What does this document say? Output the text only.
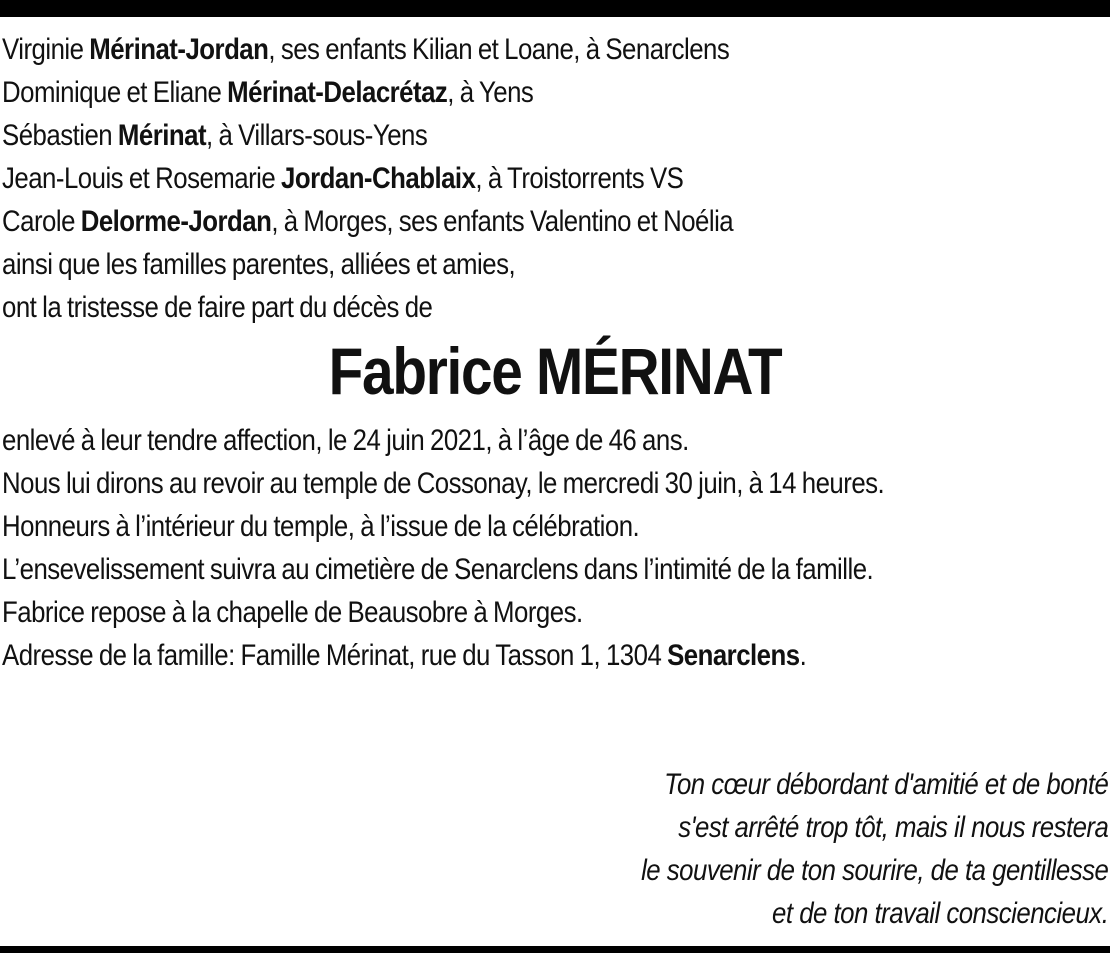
Virginie Mérinat-Jordan, ses enfants Kilian et Loane, à Senarclens
Dominique et Eliane Mérinat-Delacrétaz, à Yens
Sébastien Mérinat, à Villars-sous-Yens
Jean-Louis et Rosemarie Jordan-Chablaix, à Troistorrents VS
Carole Delorme-Jordan, à Morges, ses enfants Valentino et Noélia
ainsi que les familles parentes, alliées et amies,
ont la tristesse de faire part du décès de
Fabrice MÉRINAT
enlevé à leur tendre affection, le 24 juin 2021, à l’âge de 46 ans.
Nous lui dirons au revoir au temple de Cossonay, le mercredi 30 juin, à 14 heures.
Honneurs à l’intérieur du temple, à l’issue de la célébration.
L’ensevelissement suivra au cimetière de Senarclens dans l’intimité de la famille.
Fabrice repose à la chapelle de Beausobre à Morges.
Adresse de la famille: Famille Mérinat, rue du Tasson 1, 1304 Senarclens.
Ton cœur débordant d'amitié et de bonté
s'est arrêté trop tôt, mais il nous restera
le souvenir de ton sourire, de ta gentillesse
et de ton travail consciencieux.
